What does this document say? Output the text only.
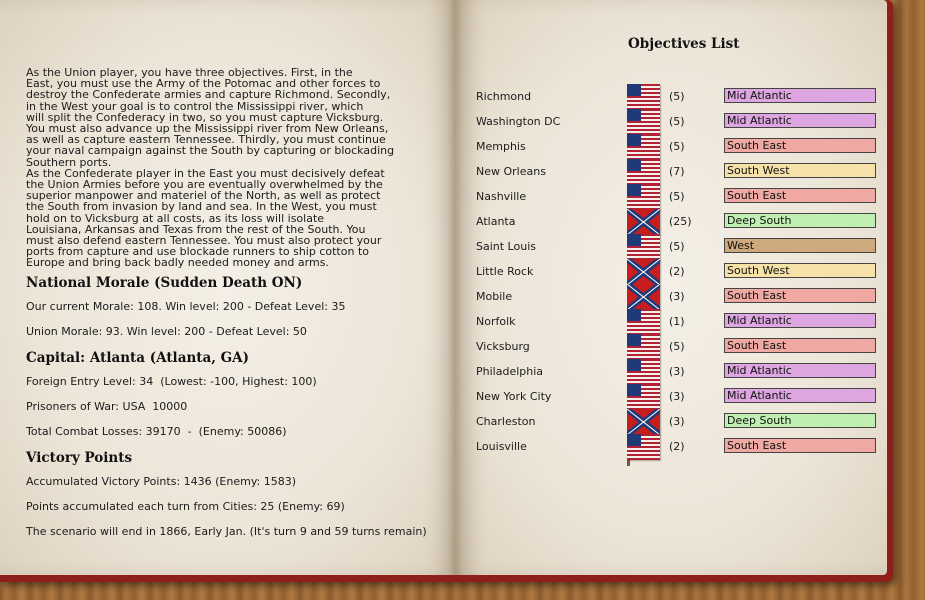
As the Union player, you have three objectives. First, in the
East, you must use the Army of the Potomac and other forces to
destroy the Confederate armies and capture Richmond. Secondly,
in the West your goal is to control the Mississippi river, which
will split the Confederacy in two, so you must capture Vicksburg.
You must also advance up the Mississippi river from New Orleans,
as well as capture eastern Tennessee. Thirdly, you must continue
your naval campaign against the South by capturing or blockading
Southern ports.
As the Confederate player in the East you must decisively defeat
the Union Armies before you are eventually overwhelmed by the
superior manpower and materiel of the North, as well as protect
the South from invasion by land and sea. In the West, you must
hold on to Vicksburg at all costs, as its loss will isolate
Louisiana, Arkansas and Texas from the rest of the South. You
must also defend eastern Tennessee. You must also protect your
ports from capture and use blockade runners to ship cotton to
Europe and bring back badly needed money and arms.

National Morale (Sudden Death ON)

Our current Morale: 108. Win level: 200 - Defeat Level: 35

Union Morale: 93. Win level: 200 - Defeat Level: 50

Capital: Atlanta (Atlanta, GA)

Foreign Entry Level: 34  (Lowest: -100, Highest: 100)

Prisoners of War: USA  10000

Total Combat Losses: 39170  -  (Enemy: 50086)

Victory Points

Accumulated Victory Points: 1436 (Enemy: 1583)

Points accumulated each turn from Cities: 25 (Enemy: 69)

The scenario will end in 1866, Early Jan. (It's turn 9 and 59 turns remain)

Objectives List

Richmond	(5)	Mid Atlantic
Washington DC	(5)	Mid Atlantic
Memphis	(5)	South East
New Orleans	(7)	South West
Nashville	(5)	South East
Atlanta	(25)	Deep South
Saint Louis	(5)	West
Little Rock	(2)	South West
Mobile	(3)	South East
Norfolk	(1)	Mid Atlantic
Vicksburg	(5)	South East
Philadelphia	(3)	Mid Atlantic
New York City	(3)	Mid Atlantic
Charleston	(3)	Deep South
Louisville	(2)	South East
